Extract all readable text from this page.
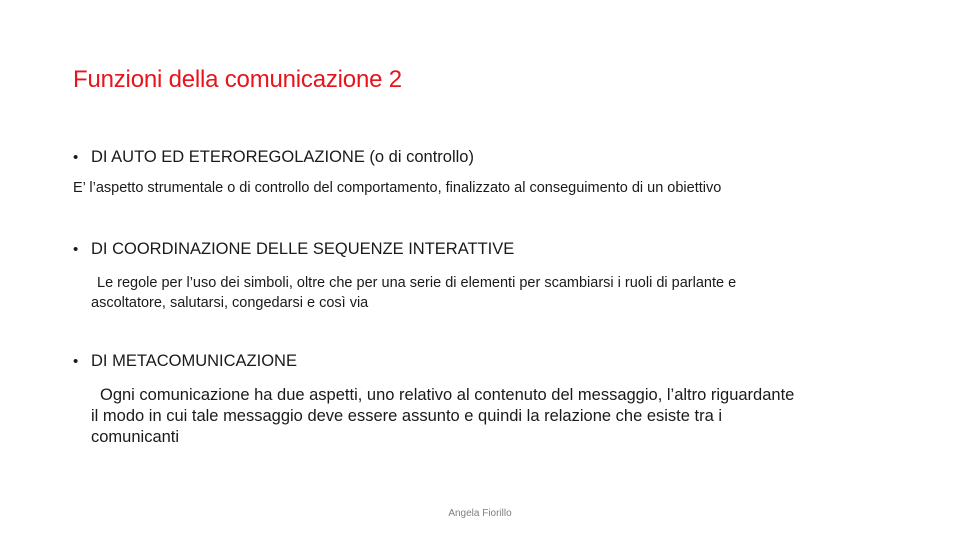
Funzioni della comunicazione 2
• DI AUTO ED ETEROREGOLAZIONE (o di controllo)
E’ l’aspetto strumentale o di controllo del comportamento, finalizzato al conseguimento di un obiettivo
• DI COORDINAZIONE DELLE SEQUENZE INTERATTIVE
Le regole per l’uso dei simboli, oltre che per una serie di elementi per scambiarsi i ruoli di parlante e
ascoltatore, salutarsi, congedarsi e così via
• DI METACOMUNICAZIONE
Ogni comunicazione ha due aspetti, uno relativo al contenuto del messaggio, l’altro riguardante
il modo in cui tale messaggio deve essere assunto e quindi la relazione che esiste tra i
comunicanti
Angela Fiorillo
